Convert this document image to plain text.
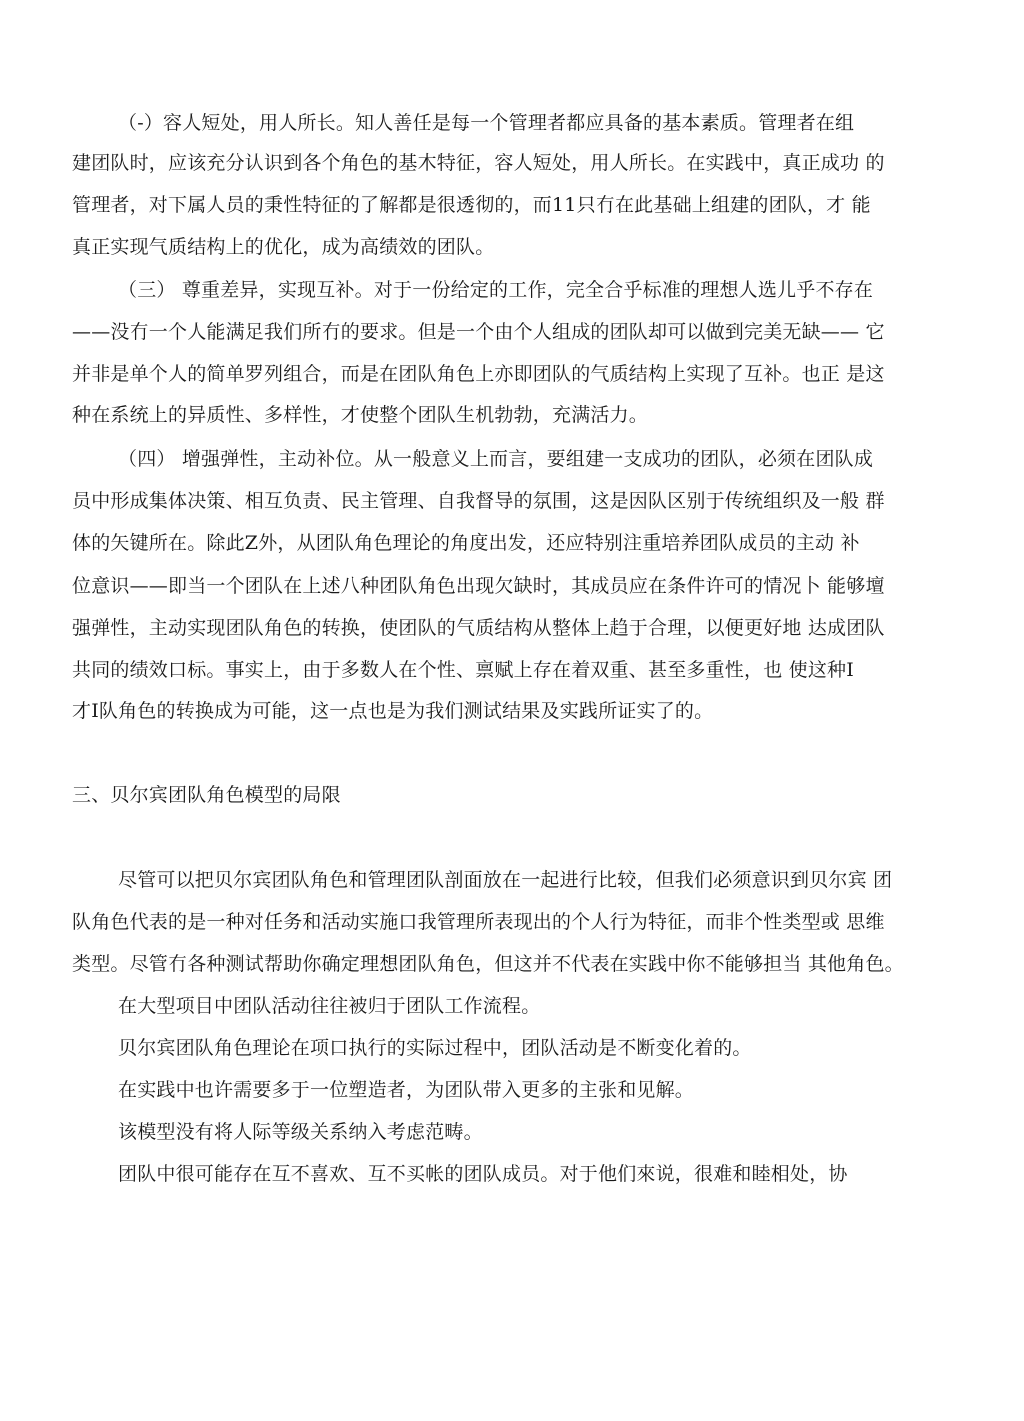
（-）容人短处，用人所长。知人善任是每一个管理者都应具备的基本素质。管理者在组
建团队时，应该充分认识到各个角色的基木特征，容人短处，用人所长。在实践中，真正成功 的
管理者，对下属人员的秉性特征的了解都是很透彻的，而11只冇在此基础上组建的团队，才 能
真正实现气质结构上的优化，成为高绩效的团队。
（三） 尊重差异，实现互补。对于一份给定的工作，完全合乎标准的理想人选儿乎不存在
——没冇一个人能满足我们所冇的要求。但是一个由个人组成的团队却可以做到完美无缺—— 它
并非是单个人的简单罗列组合，而是在团队角色上亦即团队的气质结构上实现了互补。也正 是这
种在系统上的异质性、多样性，才使整个团队生机勃勃，充满活力。
（四） 增强弹性，主动补位。从一般意义上而言，要组建一支成功的团队，必须在团队成
员中形成集体决策、相互负责、民主管理、自我督导的氛围，这是因队区别于传统组织及一般 群
体的矢键所在。除此Z外，从团队角色理论的角度出发，还应特别注重培养团队成员的主动 补
位意识——即当一个团队在上述八种团队角色出现欠缺时，其成员应在条件许可的情况卜 能够壇
强弹性，主动实现团队角色的转换，使团队的气质结构从整体上趋于合理，以便更好地 达成团队
共同的绩效口标。事实上，由于多数人在个性、禀赋上存在着双重、甚至多重性，也 使这种I
才I队角色的转换成为可能，这一点也是为我们测试结果及实践所证实了的。
三、贝尔宾团队角色模型的局限
尽管可以把贝尔宾团队角色和管理团队剖面放在一起进行比较，但我们必须意识到贝尔宾 团
队角色代表的是一种对任务和活动实施口我管理所表现出的个人行为特征，而非个性类型或 思维
类型。尽管冇各种测试帮助你确定理想团队角色，但这并不代表在实践中你不能够担当 其他角色。
在大型项目中团队活动往往被归于团队工作流程。
贝尔宾团队角色理论在项口执行的实际过程中，团队活动是不断变化着的。
在实践中也许需要多于一位塑造者，为团队带入更多的主张和见解。
该模型没有将人际等级关系纳入考虑范畴。
团队中很可能存在互不喜欢、互不买帐的团队成员。对于他们來说，很难和睦相处，协
